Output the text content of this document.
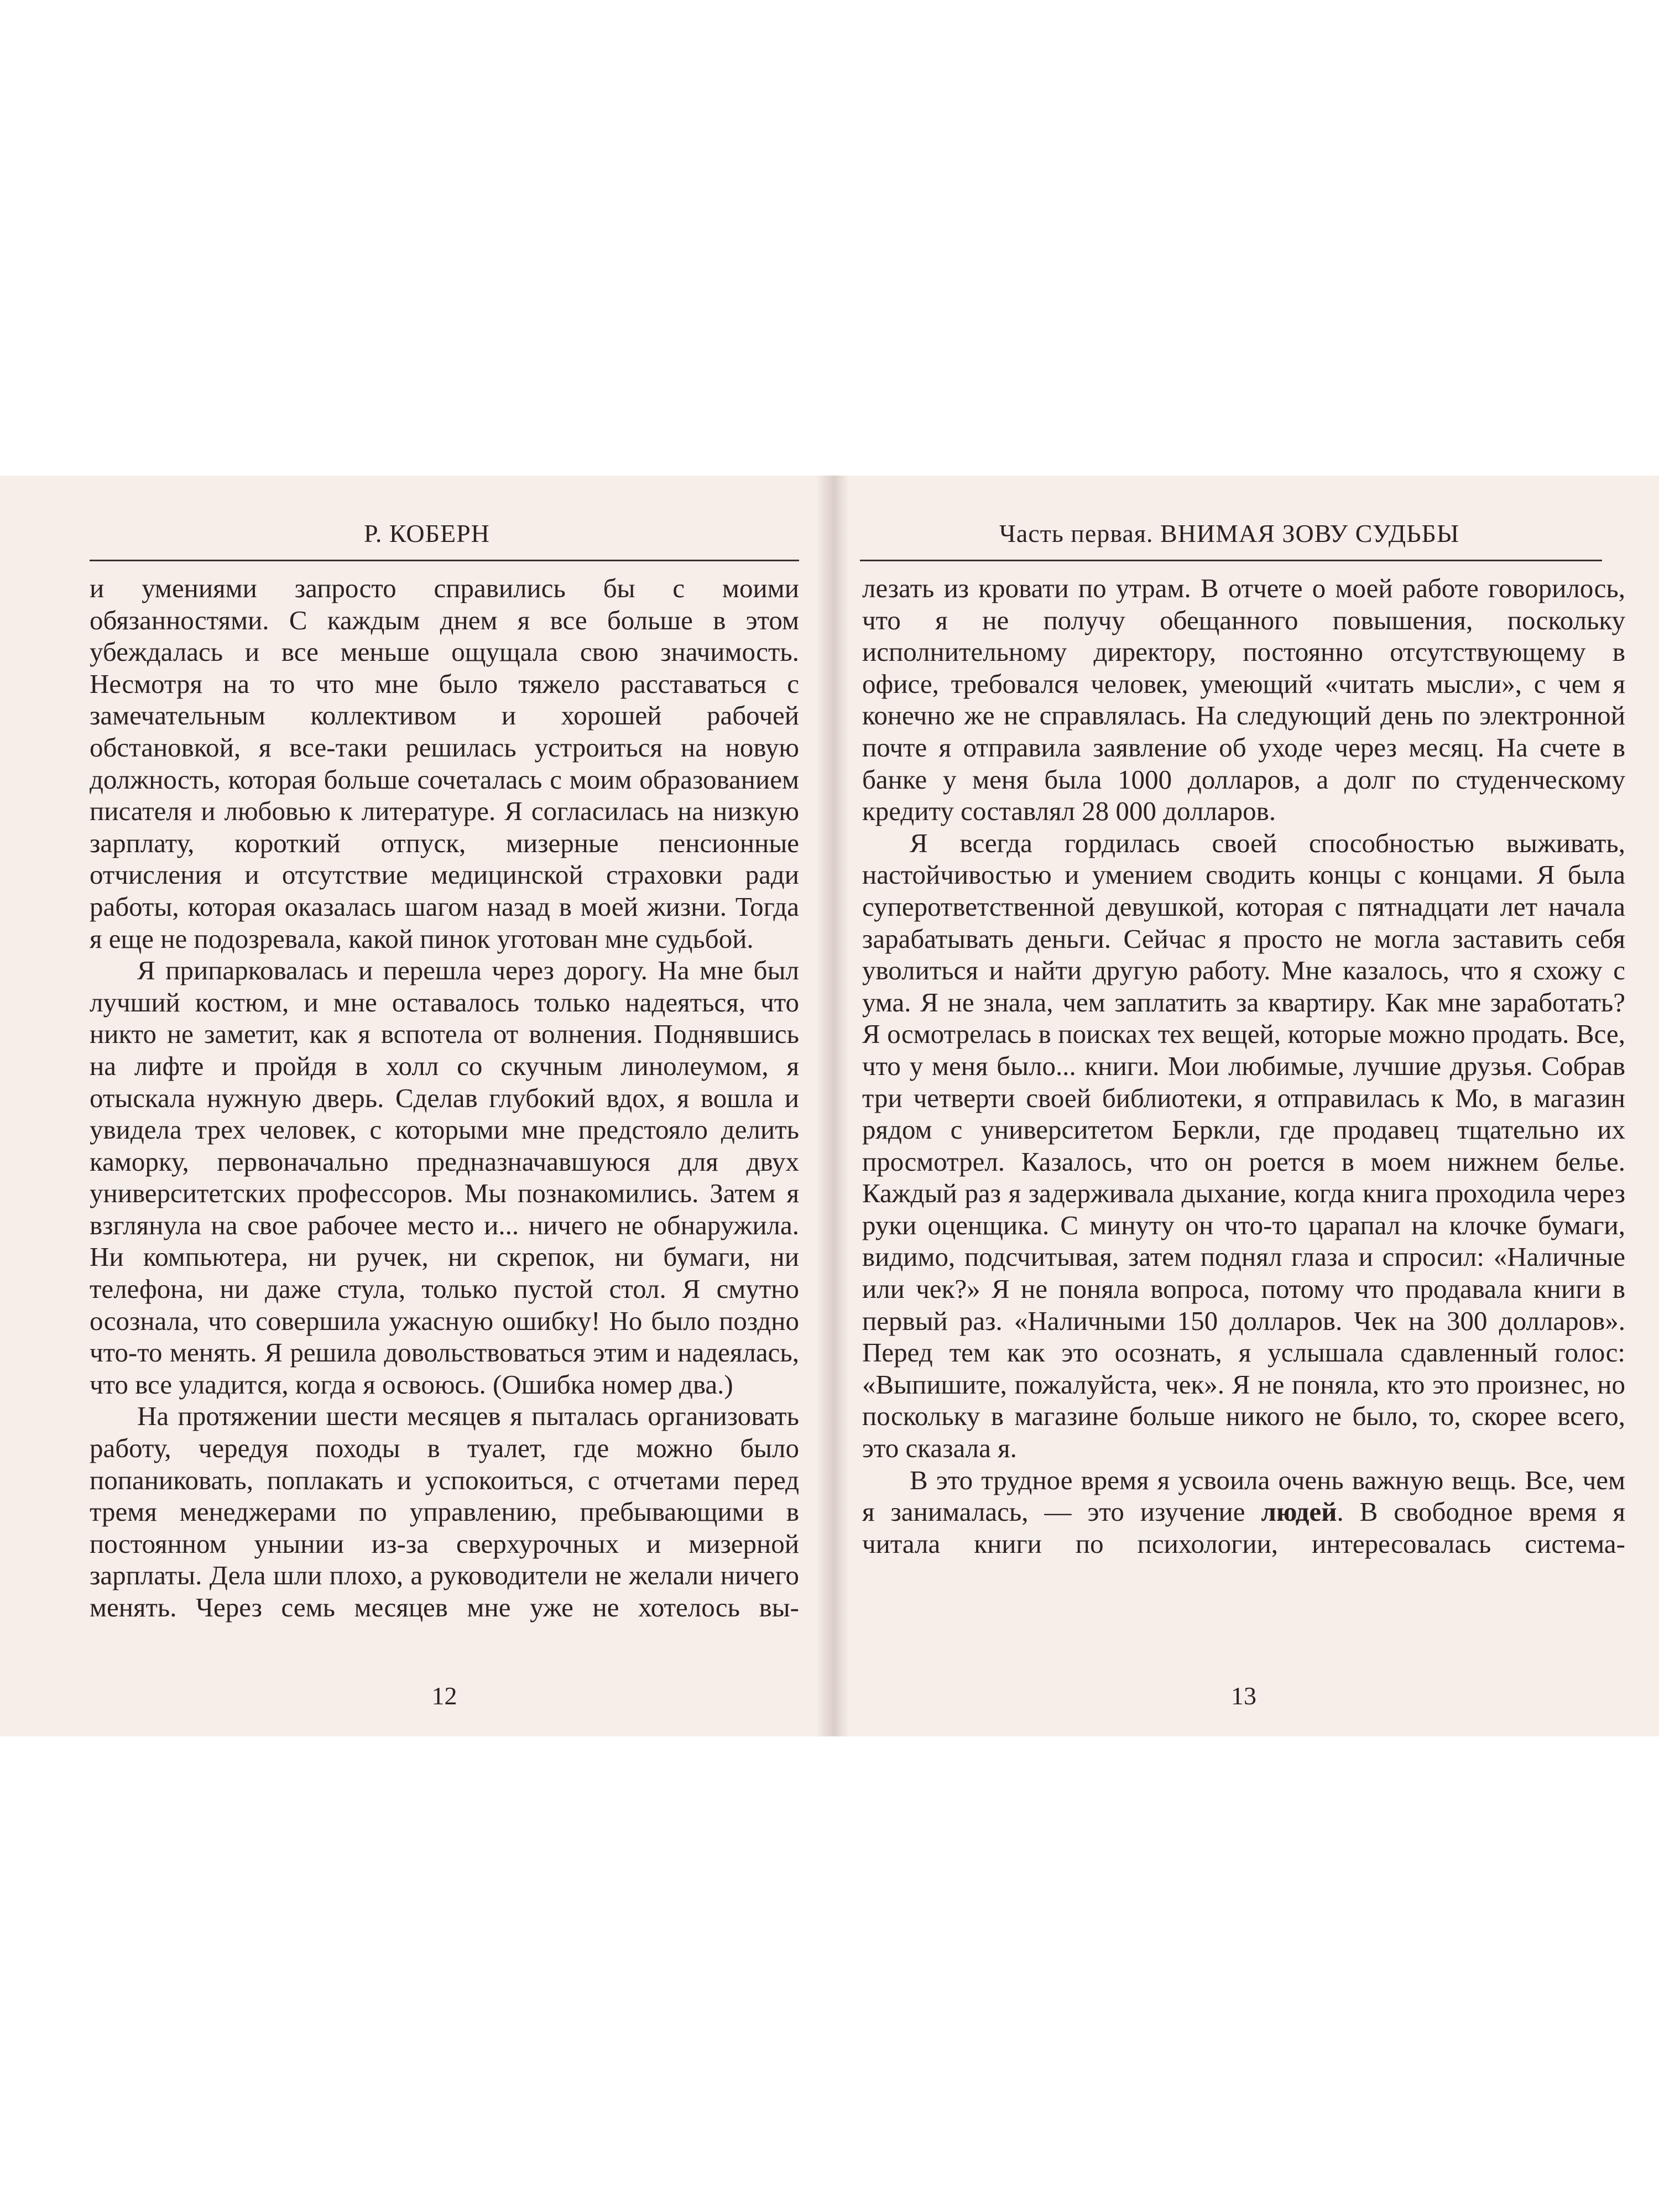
Р. КОБЕРН

и умениями запросто справились бы с моими обязанностями. С каждым днем я все больше в этом убеждалась и все меньше ощущала свою значимость. Несмотря на то что мне было тяжело расставаться с замечательным коллективом и хорошей рабочей обстановкой, я все-таки решилась устроиться на новую должность, которая больше сочеталась с моим образованием писателя и любовью к литературе. Я согласилась на низкую зарплату, короткий отпуск, мизерные пенсионные отчисления и отсутствие медицинской страховки ради работы, которая оказалась шагом назад в моей жизни. Тогда я еще не подозревала, какой пинок уготован мне судьбой.

Я припарковалась и перешла через дорогу. На мне был лучший костюм, и мне оставалось только надеяться, что никто не заметит, как я вспотела от волнения. Поднявшись на лифте и пройдя в холл со скучным линолеумом, я отыскала нужную дверь. Сделав глубокий вдох, я вошла и увидела трех человек, с которыми мне предстояло делить каморку, первоначально предназначавшуюся для двух университетских профессоров. Мы познакомились. Затем я взглянула на свое рабочее место и... ничего не обнаружила. Ни компьютера, ни ручек, ни скрепок, ни бумаги, ни телефона, ни даже стула, только пустой стол. Я смутно осознала, что совершила ужасную ошибку! Но было поздно что-то менять. Я решила довольствоваться этим и надеялась, что все уладится, когда я освоюсь. (Ошибка номер два.)

На протяжении шести месяцев я пыталась организовать работу, чередуя походы в туалет, где можно было попаниковать, поплакать и успокоиться, с отчетами перед тремя менеджерами по управлению, пребывающими в постоянном унынии из-за сверхурочных и мизерной зарплаты. Дела шли плохо, а руководители не желали ничего менять. Через семь месяцев мне уже не хотелось вы-

12
Часть первая. ВНИМАЯ ЗОВУ СУДЬБЫ

лезать из кровати по утрам. В отчете о моей работе говорилось, что я не получу обещанного повышения, поскольку исполнительному директору, постоянно отсутствующему в офисе, требовался человек, умеющий «читать мысли», с чем я конечно же не справлялась. На следующий день по электронной почте я отправила заявление об уходе через месяц. На счете в банке у меня была 1000 долларов, а долг по студенческому кредиту составлял 28 000 долларов.

Я всегда гордилась своей способностью выживать, настойчивостью и умением сводить концы с концами. Я была суперответственной девушкой, которая с пятнадцати лет начала зарабатывать деньги. Сейчас я просто не могла заставить себя уволиться и найти другую работу. Мне казалось, что я схожу с ума. Я не знала, чем заплатить за квартиру. Как мне заработать? Я осмотрелась в поисках тех вещей, которые можно продать. Все, что у меня было... книги. Мои любимые, лучшие друзья. Собрав три четверти своей библиотеки, я отправилась к Мо, в магазин рядом с университетом Беркли, где продавец тщательно их просмотрел. Казалось, что он роется в моем нижнем белье. Каждый раз я задерживала дыхание, когда книга проходила через руки оценщика. С минуту он что-то царапал на клочке бумаги, видимо, подсчитывая, затем поднял глаза и спросил: «Наличные или чек?» Я не поняла вопроса, потому что продавала книги в первый раз. «Наличными 150 долларов. Чек на 300 долларов». Перед тем как это осознать, я услышала сдавленный голос: «Выпишите, пожалуйста, чек». Я не поняла, кто это произнес, но поскольку в магазине больше никого не было, то, скорее всего, это сказала я.

В это трудное время я усвоила очень важную вещь. Все, чем я занималась, — это изучение людей. В свободное время я читала книги по психологии, интересовалась система-

13
